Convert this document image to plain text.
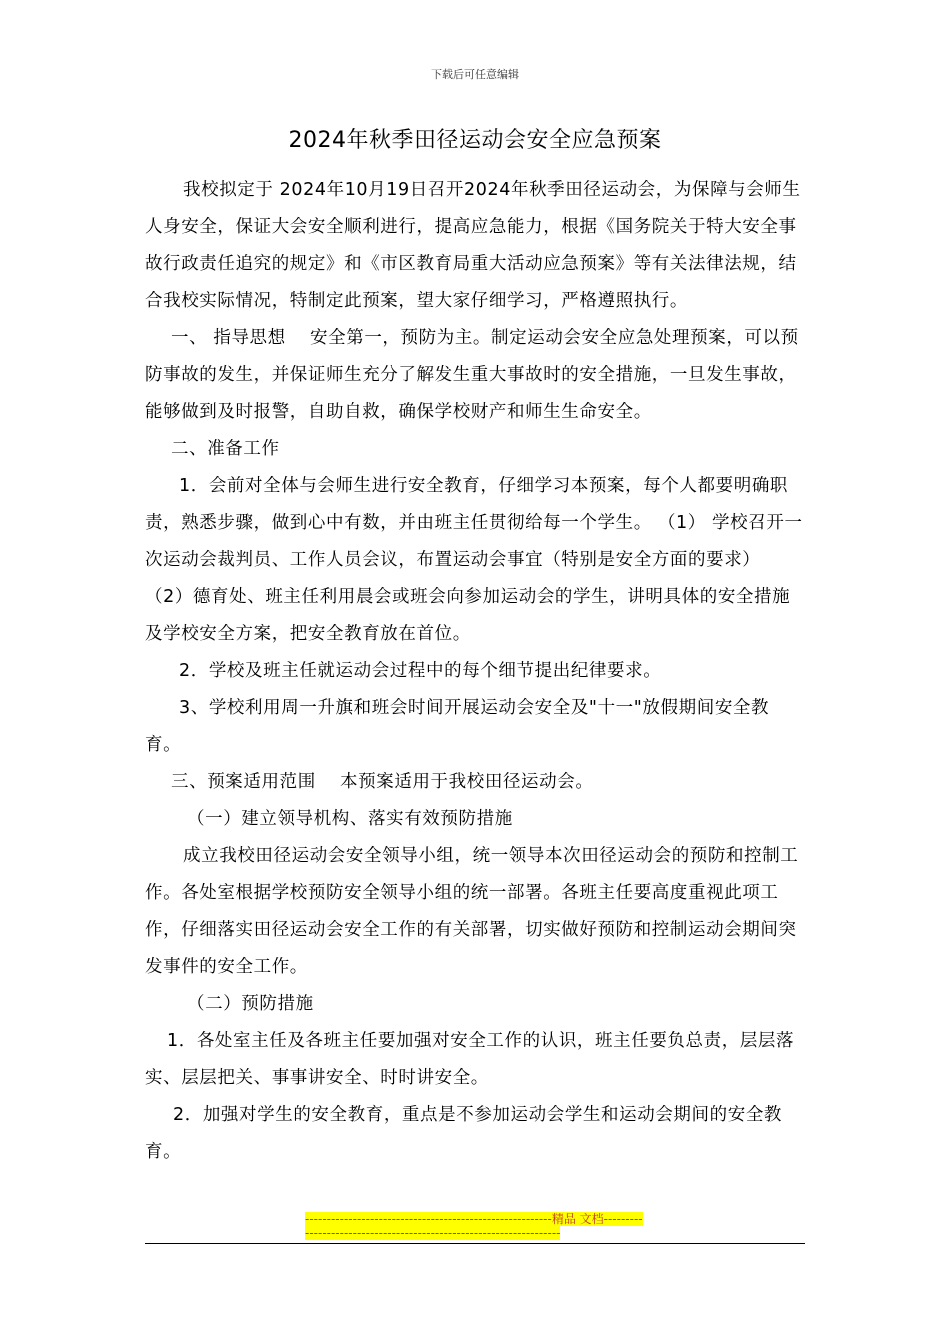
下载后可任意编辑
2024年秋季田径运动会安全应急预案

我校拟定于 2024年10月19日召开2024年秋季田径运动会，为保障与会师生人身安全，保证大会安全顺利进行，提高应急能力，根据《国务院关于特大安全事故行政责任追究的规定》和《市区教育局重大活动应急预案》等有关法律法规，结合我校实际情况，特制定此预案，望大家仔细学习，严格遵照执行。

一、 指导思想　 安全第一，预防为主。制定运动会安全应急处理预案，可以预防事故的发生，并保证师生充分了解发生重大事故时的安全措施，一旦发生事故，能够做到及时报警，自助自救，确保学校财产和师生生命安全。

二、准备工作

1．会前对全体与会师生进行安全教育，仔细学习本预案，每个人都要明确职责，熟悉步骤，做到心中有数，并由班主任贯彻给每一个学生。 （1） 学校召开一次运动会裁判员、工作人员会议，布置运动会事宜（特别是安全方面的要求） （2）德育处、班主任利用晨会或班会向参加运动会的学生，讲明具体的安全措施及学校安全方案，把安全教育放在首位。

2．学校及班主任就运动会过程中的每个细节提出纪律要求。

3、学校利用周一升旗和班会时间开展运动会安全及"十一"放假期间安全教育。

三、预案适用范围　 本预案适用于我校田径运动会。

（一）建立领导机构、落实有效预防措施

成立我校田径运动会安全领导小组，统一领导本次田径运动会的预防和控制工作。各处室根据学校预防安全领导小组的统一部署。各班主任要高度重视此项工作，仔细落实田径运动会安全工作的有关部署，切实做好预防和控制运动会期间突发事件的安全工作。

（二）预防措施

1．各处室主任及各班主任要加强对安全工作的认识，班主任要负总责，层层落实、层层把关、事事讲安全、时时讲安全。

2．加强对学生的安全教育，重点是不参加运动会学生和运动会期间的安全教育。

---------------------------------------------------------精品 文档--------------------------------------------------------------------
